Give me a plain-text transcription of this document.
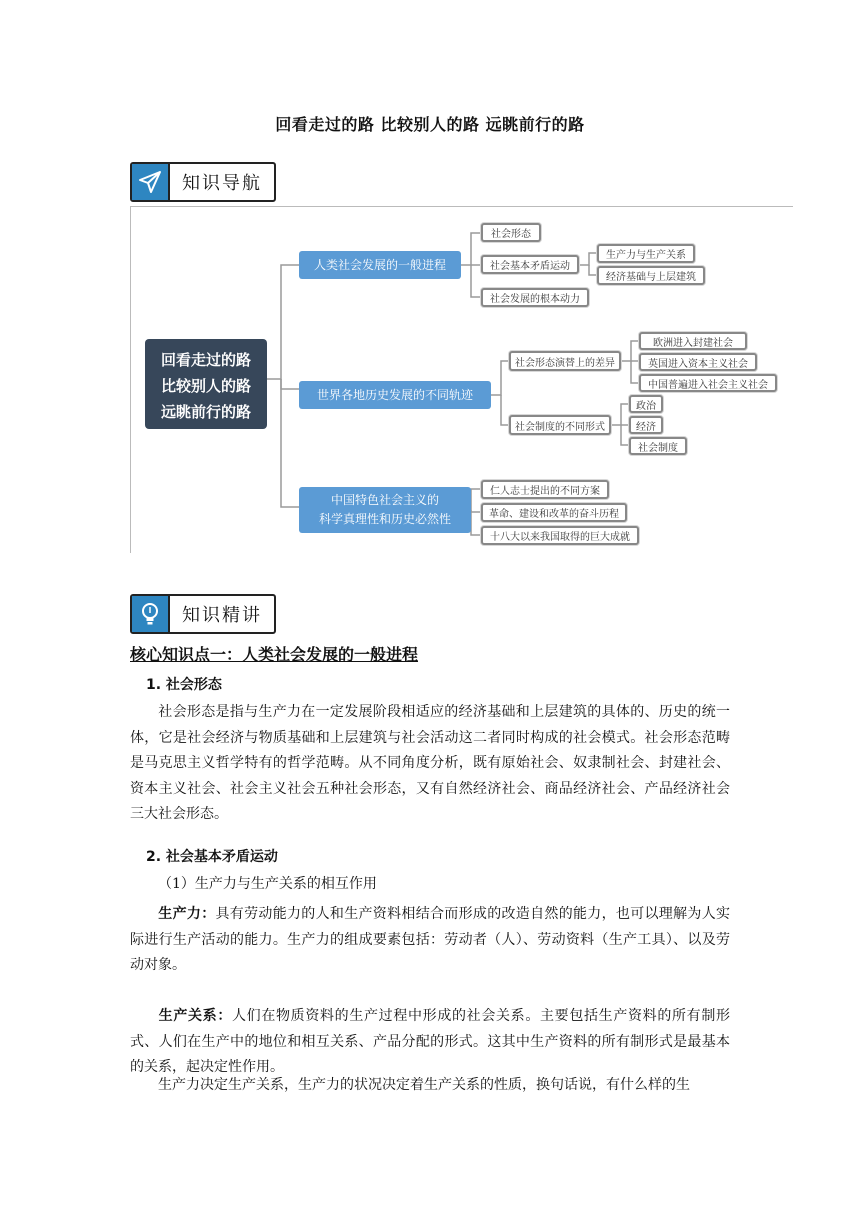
回看走过的路 比较别人的路 远眺前行的路
知识导航
回看走过的路
比较别人的路
远眺前行的路
人类社会发展的一般进程
社会形态
社会基本矛盾运动
生产力与生产关系
经济基础与上层建筑
社会发展的根本动力
世界各地历史发展的不同轨迹
社会形态演替上的差异
欧洲进入封建社会
英国进入资本主义社会
中国普遍进入社会主义社会
社会制度的不同形式
政治
经济
社会制度
中国特色社会主义的
科学真理性和历史必然性
仁人志士提出的不同方案
革命、建设和改革的奋斗历程
十八大以来我国取得的巨大成就
知识精讲
核心知识点一：人类社会发展的一般进程
1. 社会形态
社会形态是指与生产力在一定发展阶段相适应的经济基础和上层建筑的具体的、历史的统一体，它是社会经济与物质基础和上层建筑与社会活动这二者同时构成的社会模式。社会形态范畴是马克思主义哲学特有的哲学范畴。从不同角度分析，既有原始社会、奴隶制社会、封建社会、资本主义社会、社会主义社会五种社会形态，又有自然经济社会、商品经济社会、产品经济社会三大社会形态。
2. 社会基本矛盾运动
（1）生产力与生产关系的相互作用
生产力：具有劳动能力的人和生产资料相结合而形成的改造自然的能力，也可以理解为人实际进行生产活动的能力。生产力的组成要素包括：劳动者（人）、劳动资料（生产工具）、以及劳动对象。
生产关系：人们在物质资料的生产过程中形成的社会关系。主要包括生产资料的所有制形式、人们在生产中的地位和相互关系、产品分配的形式。这其中生产资料的所有制形式是最基本的关系，起决定性作用。
生产力决定生产关系，生产力的状况决定着生产关系的性质，换句话说，有什么样的生
